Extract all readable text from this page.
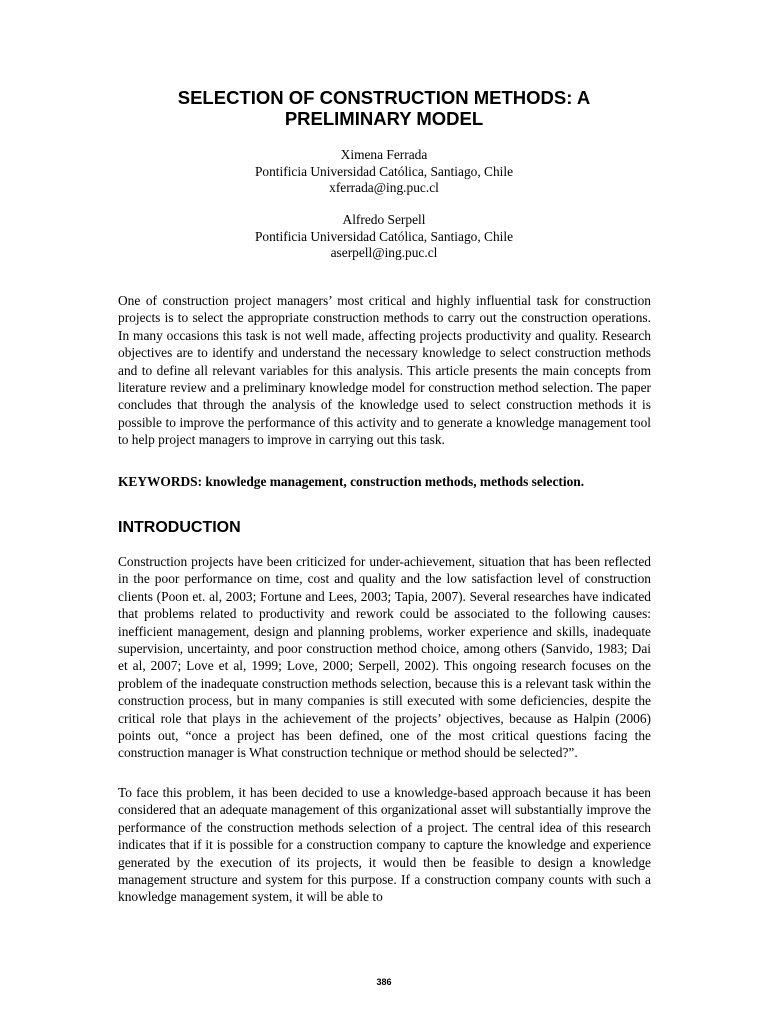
SELECTION OF CONSTRUCTION METHODS: A
PRELIMINARY MODEL
Ximena Ferrada
Pontificia Universidad Católica, Santiago, Chile
xferrada@ing.puc.cl
Alfredo Serpell
Pontificia Universidad Católica, Santiago, Chile
aserpell@ing.puc.cl

One of construction project managers’ most critical and highly influential task for construction projects is to select the appropriate construction methods to carry out the construction operations. In many occasions this task is not well made, affecting projects productivity and quality. Research objectives are to identify and understand the necessary knowledge to select construction methods and to define all relevant variables for this analysis. This article presents the main concepts from literature review and a preliminary knowledge model for construction method selection. The paper concludes that through the analysis of the knowledge used to select construction methods it is possible to improve the performance of this activity and to generate a knowledge management tool to help project managers to improve in carrying out this task.

KEYWORDS: knowledge management, construction methods, methods selection.

INTRODUCTION

Construction projects have been criticized for under-achievement, situation that has been reflected in the poor performance on time, cost and quality and the low satisfaction level of construction clients (Poon et. al, 2003; Fortune and Lees, 2003; Tapia, 2007). Several researches have indicated that problems related to productivity and rework could be associated to the following causes: inefficient management, design and planning problems, worker experience and skills, inadequate supervision, uncertainty, and poor construction method choice, among others (Sanvido, 1983; Dai et al, 2007; Love et al, 1999; Love, 2000; Serpell, 2002). This ongoing research focuses on the problem of the inadequate construction methods selection, because this is a relevant task within the construction process, but in many companies is still executed with some deficiencies, despite the critical role that plays in the achievement of the projects’ objectives, because as Halpin (2006) points out, “once a project has been defined, one of the most critical questions facing the construction manager is What construction technique or method should be selected?”.

To face this problem, it has been decided to use a knowledge-based approach because it has been considered that an adequate management of this organizational asset will substantially improve the performance of the construction methods selection of a project. The central idea of this research indicates that if it is possible for a construction company to capture the knowledge and experience generated by the execution of its projects, it would then be feasible to design a knowledge management structure and system for this purpose. If a construction company counts with such a knowledge management system, it will be able to

386
